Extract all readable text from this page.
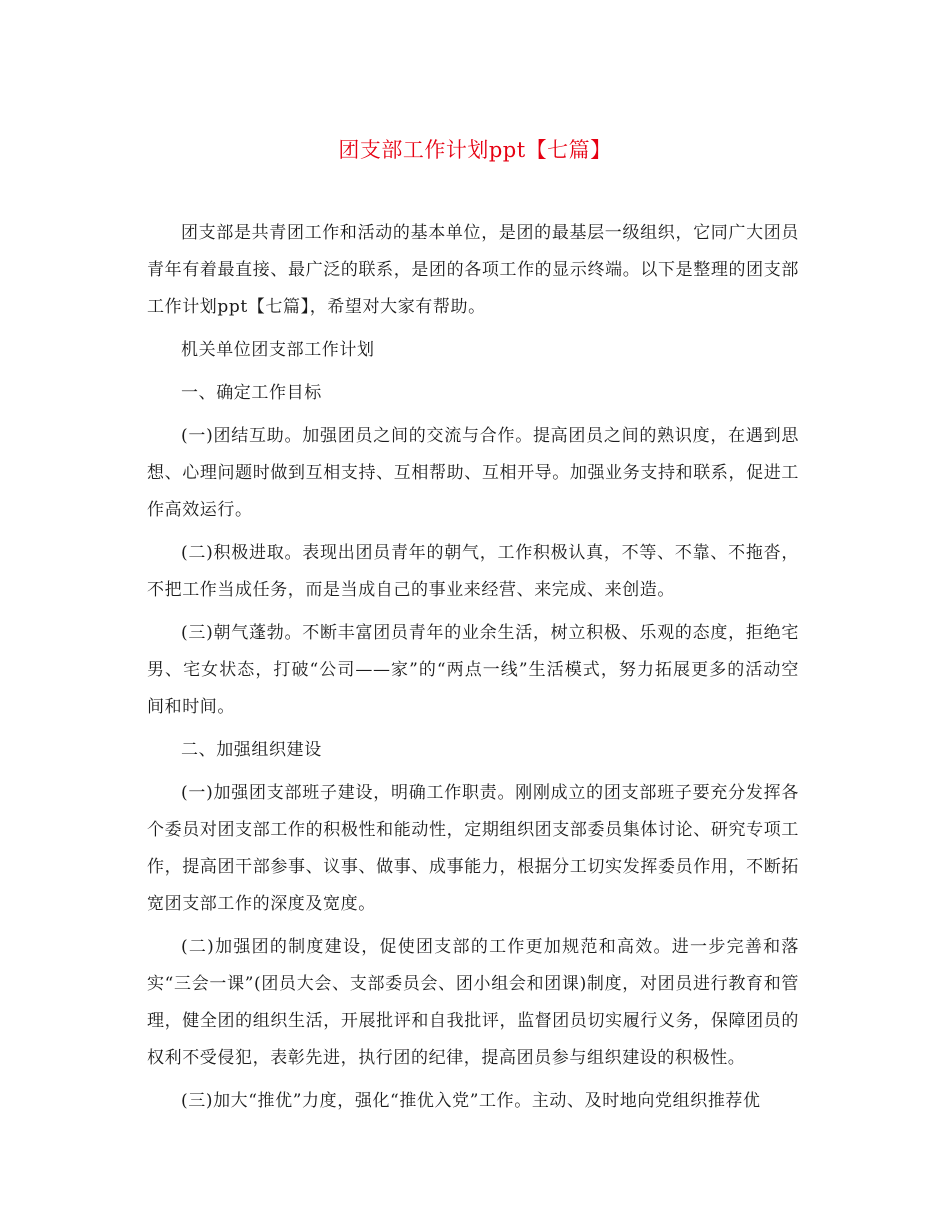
团支部工作计划ppt【七篇】

团支部是共青团工作和活动的基本单位，是团的最基层一级组织，它同广大团员青年有着最直接、最广泛的联系，是团的各项工作的显示终端。以下是整理的团支部工作计划ppt【七篇】，希望对大家有帮助。

机关单位团支部工作计划

一、确定工作目标

(一)团结互助。加强团员之间的交流与合作。提高团员之间的熟识度，在遇到思想、心理问题时做到互相支持、互相帮助、互相开导。加强业务支持和联系，促进工作高效运行。

(二)积极进取。表现出团员青年的朝气，工作积极认真，不等、不靠、不拖沓，不把工作当成任务，而是当成自己的事业来经营、来完成、来创造。

(三)朝气蓬勃。不断丰富团员青年的业余生活，树立积极、乐观的态度，拒绝宅男、宅女状态，打破“公司——家”的“两点一线”生活模式，努力拓展更多的活动空间和时间。

二、加强组织建设

(一)加强团支部班子建设，明确工作职责。刚刚成立的团支部班子要充分发挥各个委员对团支部工作的积极性和能动性，定期组织团支部委员集体讨论、研究专项工作，提高团干部参事、议事、做事、成事能力，根据分工切实发挥委员作用，不断拓宽团支部工作的深度及宽度。

(二)加强团的制度建设，促使团支部的工作更加规范和高效。进一步完善和落实“三会一课”(团员大会、支部委员会、团小组会和团课)制度，对团员进行教育和管理，健全团的组织生活，开展批评和自我批评，监督团员切实履行义务，保障团员的权利不受侵犯，表彰先进，执行团的纪律，提高团员参与组织建设的积极性。

(三)加大“推优”力度，强化“推优入党”工作。主动、及时地向党组织推荐优
